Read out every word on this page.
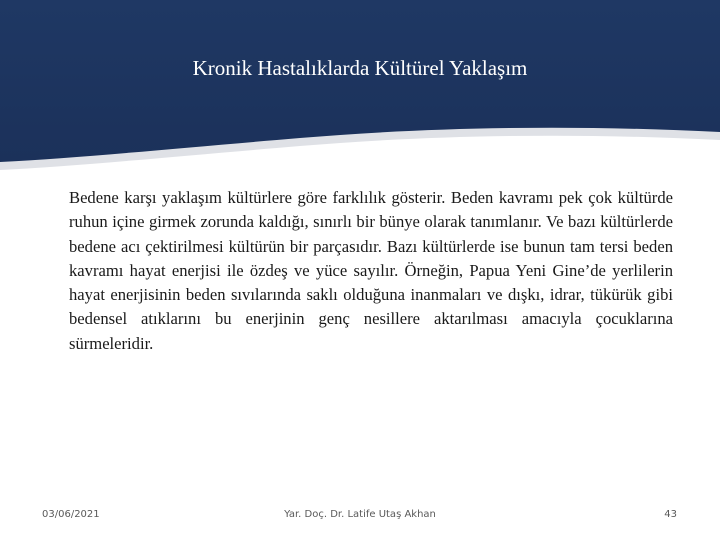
Kronik Hastalıklarda Kültürel Yaklaşım

Bedene karşı yaklaşım kültürlere göre farklılık gösterir. Beden kavramı pek çok kültürde ruhun içine girmek zorunda kaldığı, sınırlı bir bünye olarak tanımlanır. Ve bazı kültürlerde bedene acı çektirilmesi kültürün bir parçasıdır. Bazı kültürlerde ise bunun tam tersi beden kavramı hayat enerjisi ile özdeş ve yüce sayılır. Örneğin, Papua Yeni Gine’de yerlilerin hayat enerjisinin beden sıvılarında saklı olduğuna inanmaları ve dışkı, idrar, tükürük gibi bedensel atıklarını bu enerjinin genç nesillere aktarılması amacıyla çocuklarına sürmeleridir.

03/06/2021	Yar. Doç. Dr. Latife Utaş Akhan	43
